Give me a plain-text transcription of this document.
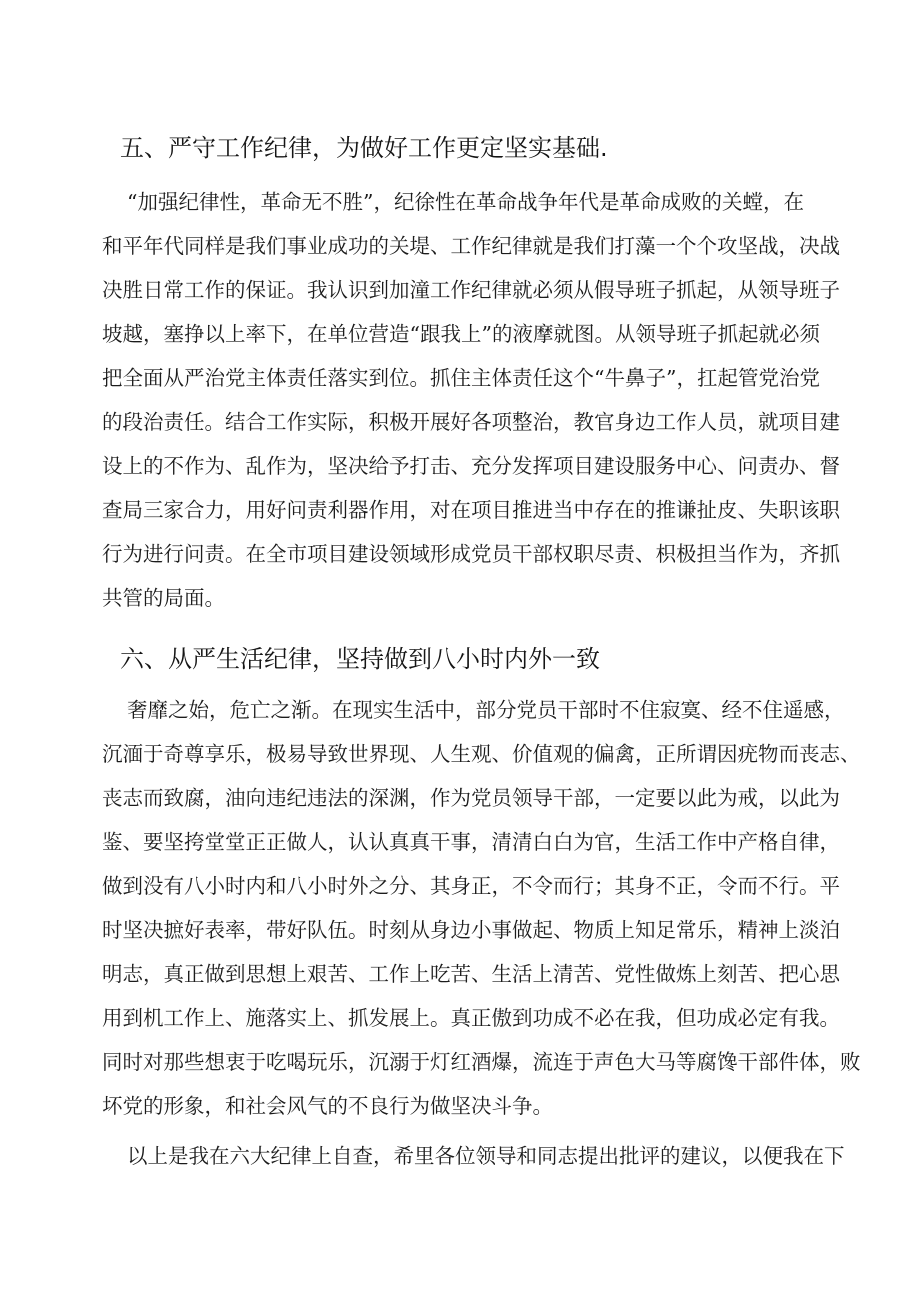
五、严守工作纪律，为做好工作更定坚实基础.
“加强纪律性，革命无不胜”，纪徐性在革命战争年代是革命成败的关螳，在
和平年代同样是我们事业成功的关堤、工作纪律就是我们打藻一个个攻坚战，决战
决胜日常工作的保证。我认识到加潼工作纪律就必须从假导班子抓起，从领导班子
坡越，塞挣以上率下，在单位营造“跟我上”的液摩就图。从领导班子抓起就必须
把全面从严治党主体责任落实到位。抓住主体责任这个“牛鼻子”，扛起管党治党
的段治责任。结合工作实际，积极开展好各项整治，教官身边工作人员，就项目建
设上的不作为、乱作为，坚决给予打击、充分发挥项目建设服务中心、问责办、督
查局三家合力，用好问责利器作用，对在项目推进当中存在的推谦扯皮、失职该职
行为进行问责。在全市项目建设领域形成党员干部权职尽责、枳极担当作为，齐抓
共管的局面。
六、从严生活纪律，坚持做到八小时内外一致
奢靡之始，危亡之渐。在现实生活中，部分党员干部时不住寂寞、经不住遥感，
沉湎于奇尊享乐，极易导致世界现、人生观、价值观的偏禽，正所谓因疣物而丧志、
丧志而致腐，油向违纪违法的深渊，作为党员领导干部，一定要以此为戒，以此为
鉴、要坚挎堂堂正正做人，认认真真干事，清清白白为官，生活工作中产格自律，
做到没有八小时内和八小时外之分、其身正，不令而行；其身不正，令而不行。平
时坚决摭好表率，带好队伍。时刻从身边小事做起、物质上知足常乐，精神上淡泊
明志，真正做到思想上艰苦、工作上吃苦、生活上清苦、党性做炼上刻苦、把心思
用到机工作上、施落实上、抓发展上。真正傲到功成不必在我，但功成必定有我。
同时对那些想衷于吃喝玩乐，沉溺于灯红酒爆，流连于声色大马等腐馋干部件体，败
坏党的形象，和社会风气的不良行为做坚决斗争。
以上是我在六大纪律上自查，希里各位领导和同志提出批评的建议，以便我在下
